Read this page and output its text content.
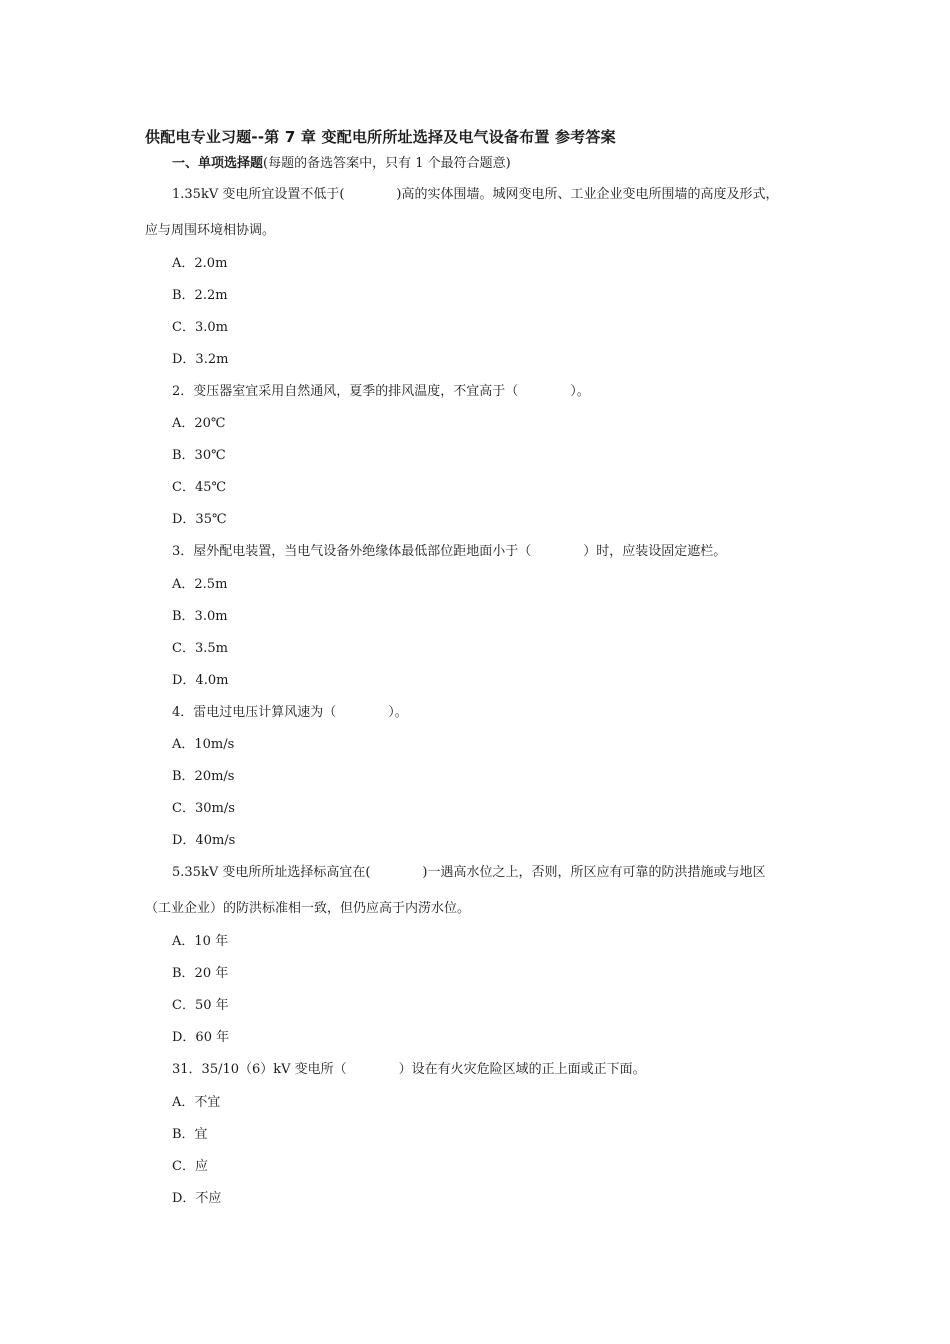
供配电专业习题--第 7 章 变配电所所址选择及电气设备布置 参考答案
一、单项选择题(每题的备选答案中，只有 1 个最符合题意)
1.35kV 变电所宜设置不低于(　　　　)高的实体围墙。城网变电所、工业企业变电所围墙的高度及形式，
应与周围环境相协调。
A．2.0m
B．2.2m
C．3.0m
D．3.2m
2．变压器室宜采用自然通风，夏季的排风温度，不宜高于（　　　　）。
A．20℃
B．30℃
C．45℃
D．35℃
3．屋外配电装置，当电气设备外绝缘体最低部位距地面小于（　　　　）时，应装设固定遮栏。
A．2.5m
B．3.0m
C．3.5m
D．4.0m
4．雷电过电压计算风速为（　　　　）。
A．10m/s
B．20m/s
C．30m/s
D．40m/s
5.35kV 变电所所址选择标高宜在(　　　　)一遇高水位之上，否则，所区应有可靠的防洪措施或与地区
（工业企业）的防洪标准相一致，但仍应高于内涝水位。
A．10 年
B．20 年
C．50 年
D．60 年
31．35/10（6）kV 变电所（　　　　）设在有火灾危险区域的正上面或正下面。
A．不宜
B．宜
C．应
D．不应
